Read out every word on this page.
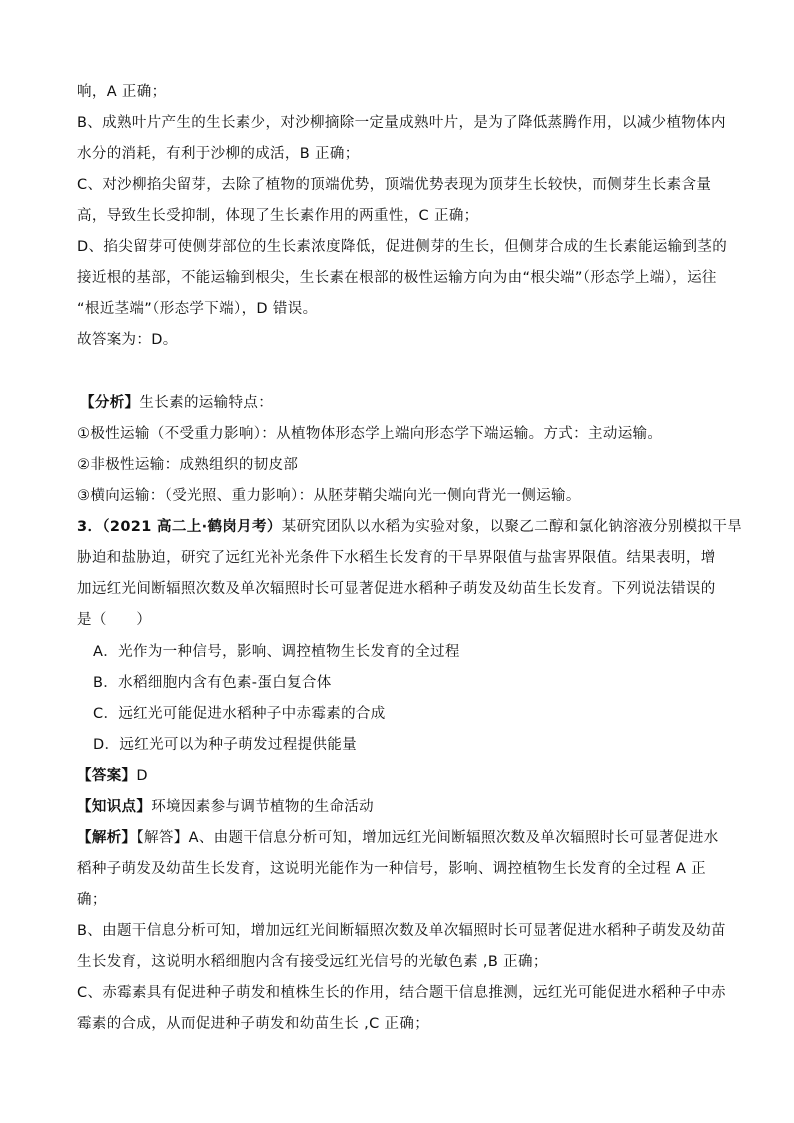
响，A 正确；
B、成熟叶片产生的生长素少，对沙柳摘除一定量成熟叶片，是为了降低蒸腾作用，以减少植物体内
水分的消耗，有利于沙柳的成活，B 正确；
C、对沙柳掐尖留芽，去除了植物的顶端优势，顶端优势表现为顶芽生长较快，而侧芽生长素含量
高，导致生长受抑制，体现了生长素作用的两重性，C 正确；
D、掐尖留芽可使侧芽部位的生长素浓度降低，促进侧芽的生长，但侧芽合成的生长素能运输到茎的
接近根的基部，不能运输到根尖，生长素在根部的极性运输方向为由“根尖端”（形态学上端），运往
“根近茎端”（形态学下端），D 错误。
故答案为：D。
【分析】生长素的运输特点：
①极性运输（不受重力影响）：从植物体形态学上端向形态学下端运输。方式：主动运输。
②非极性运输：成熟组织的韧皮部
③横向运输：（受光照、重力影响）：从胚芽鞘尖端向光一侧向背光一侧运输。
3．（2021 高二上·鹤岗月考）某研究团队以水稻为实验对象，以聚乙二醇和氯化钠溶液分别模拟干旱
胁迫和盐胁迫，研究了远红光补光条件下水稻生长发育的干旱界限值与盐害界限值。结果表明，增
加远红光间断辐照次数及单次辐照时长可显著促进水稻种子萌发及幼苗生长发育。下列说法错误的
是（　　）
A．光作为一种信号，影响、调控植物生长发育的全过程
B．水稻细胞内含有色素-蛋白复合体
C．远红光可能促进水稻种子中赤霉素的合成
D．远红光可以为种子萌发过程提供能量
【答案】D
【知识点】环境因素参与调节植物的生命活动
【解析】【解答】A、由题干信息分析可知，增加远红光间断辐照次数及单次辐照时长可显著促进水
稻种子萌发及幼苗生长发育，这说明光能作为一种信号，影响、调控植物生长发育的全过程 A 正
确；
B、由题干信息分析可知，增加远红光间断辐照次数及单次辐照时长可显著促进水稻种子萌发及幼苗
生长发育，这说明水稻细胞内含有接受远红光信号的光敏色素 ,B 正确；
C、赤霉素具有促进种子萌发和植株生长的作用，结合题干信息推测，远红光可能促进水稻种子中赤
霉素的合成，从而促进种子萌发和幼苗生长 ,C 正确；
